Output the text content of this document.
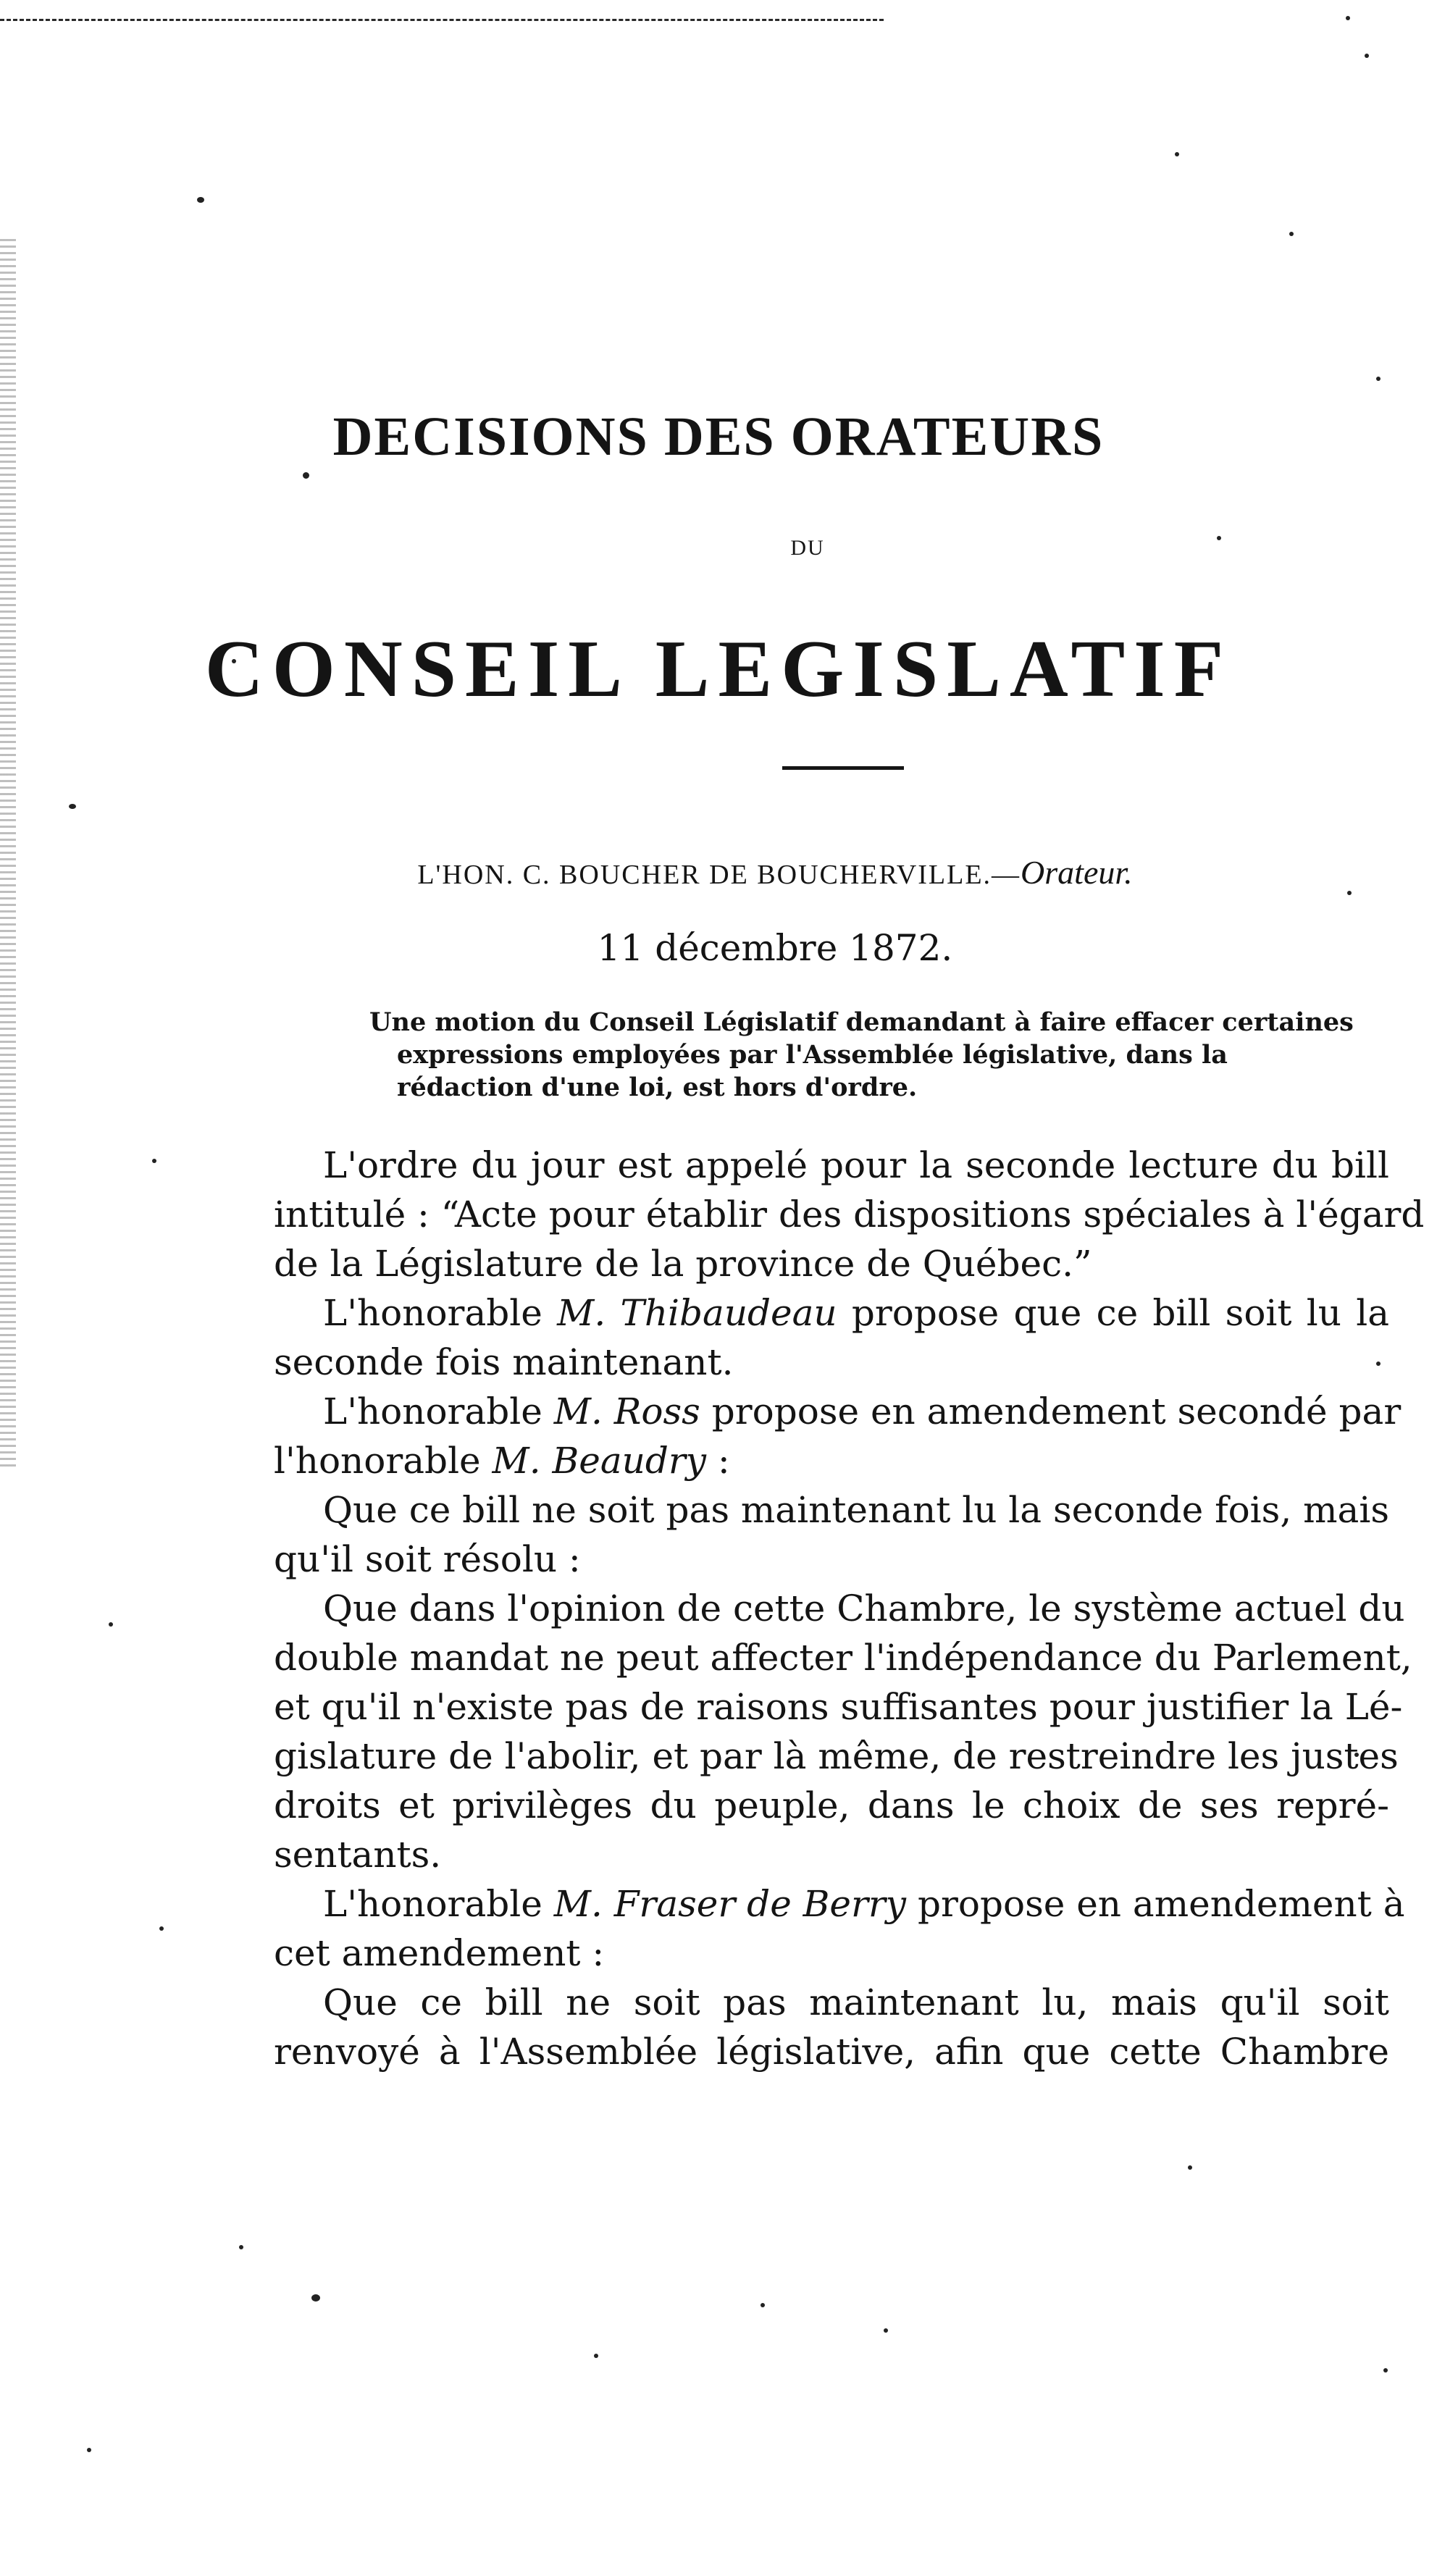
DECISIONS DES ORATEURS
DU
CONSEIL LEGISLATIF
L'HON. C. BOUCHER DE BOUCHERVILLE.—Orateur.
11 décembre 1872.
Une motion du Conseil Législatif demandant à faire effacer certaines
expressions employées par l'Assemblée législative, dans la
rédaction d'une loi, est hors d'ordre.
L'ordre du jour est appelé pour la seconde lecture du bill
intitulé : “Acte pour établir des dispositions spéciales à l'égard
de la Législature de la province de Québec.”
L'honorable M. Thibaudeau propose que ce bill soit lu la
seconde fois maintenant.
L'honorable M. Ross propose en amendement secondé par
l'honorable M. Beaudry :
Que ce bill ne soit pas maintenant lu la seconde fois, mais
qu'il soit résolu :
Que dans l'opinion de cette Chambre, le système actuel du
double mandat ne peut affecter l'indépendance du Parlement,
et qu'il n'existe pas de raisons suffisantes pour justifier la Lé-
gislature de l'abolir, et par là même, de restreindre les justes
droits et privilèges du peuple, dans le choix de ses repré-
sentants.
L'honorable M. Fraser de Berry propose en amendement à
cet amendement :
Que ce bill ne soit pas maintenant lu, mais qu'il soit
renvoyé à l'Assemblée législative, afin que cette Chambre
